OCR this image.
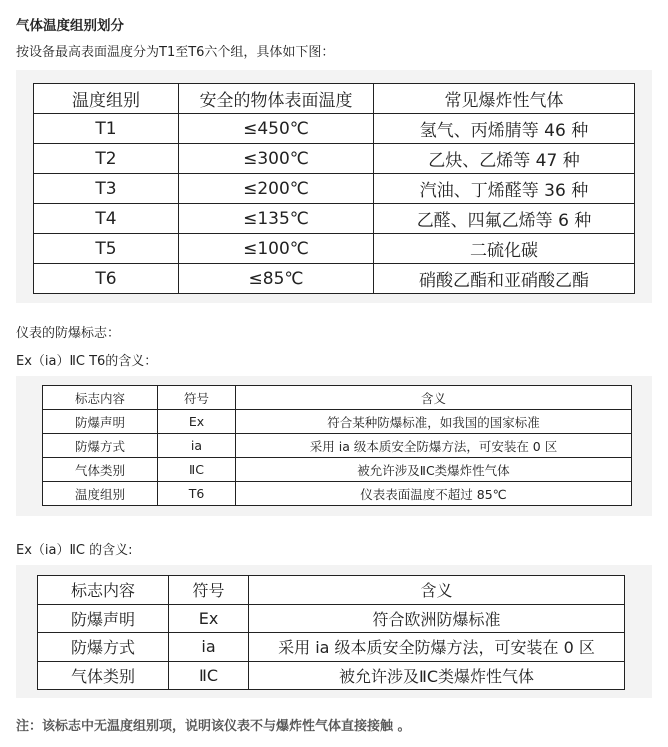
气体温度组别划分
按设备最高表面温度分为T1至T6六个组，具体如下图：
温度组别	安全的物体表面温度	常见爆炸性气体
T1	≤450℃	氢气、丙烯腈等 46 种
T2	≤300℃	乙炔、乙烯等 47 种
T3	≤200℃	汽油、丁烯醛等 36 种
T4	≤135℃	乙醛、四氟乙烯等 6 种
T5	≤100℃	二硫化碳
T6	≤85℃	硝酸乙酯和亚硝酸乙酯
仪表的防爆标志：
Ex（ia）ⅡC T6的含义：
标志内容	符号	含义
防爆声明	Ex	符合某种防爆标准，如我国的国家标准
防爆方式	ia	采用 ia 级本质安全防爆方法，可安装在 0 区
气体类别	ⅡC	被允许涉及ⅡC类爆炸性气体
温度组别	T6	仪表表面温度不超过 85℃
Ex（ia）ⅡC 的含义:
标志内容	符号	含义
防爆声明	Ex	符合欧洲防爆标准
防爆方式	ia	采用 ia 级本质安全防爆方法，可安装在 0 区
气体类别	ⅡC	被允许涉及ⅡC类爆炸性气体
注：该标志中无温度组别项，说明该仪表不与爆炸性气体直接接触 。
